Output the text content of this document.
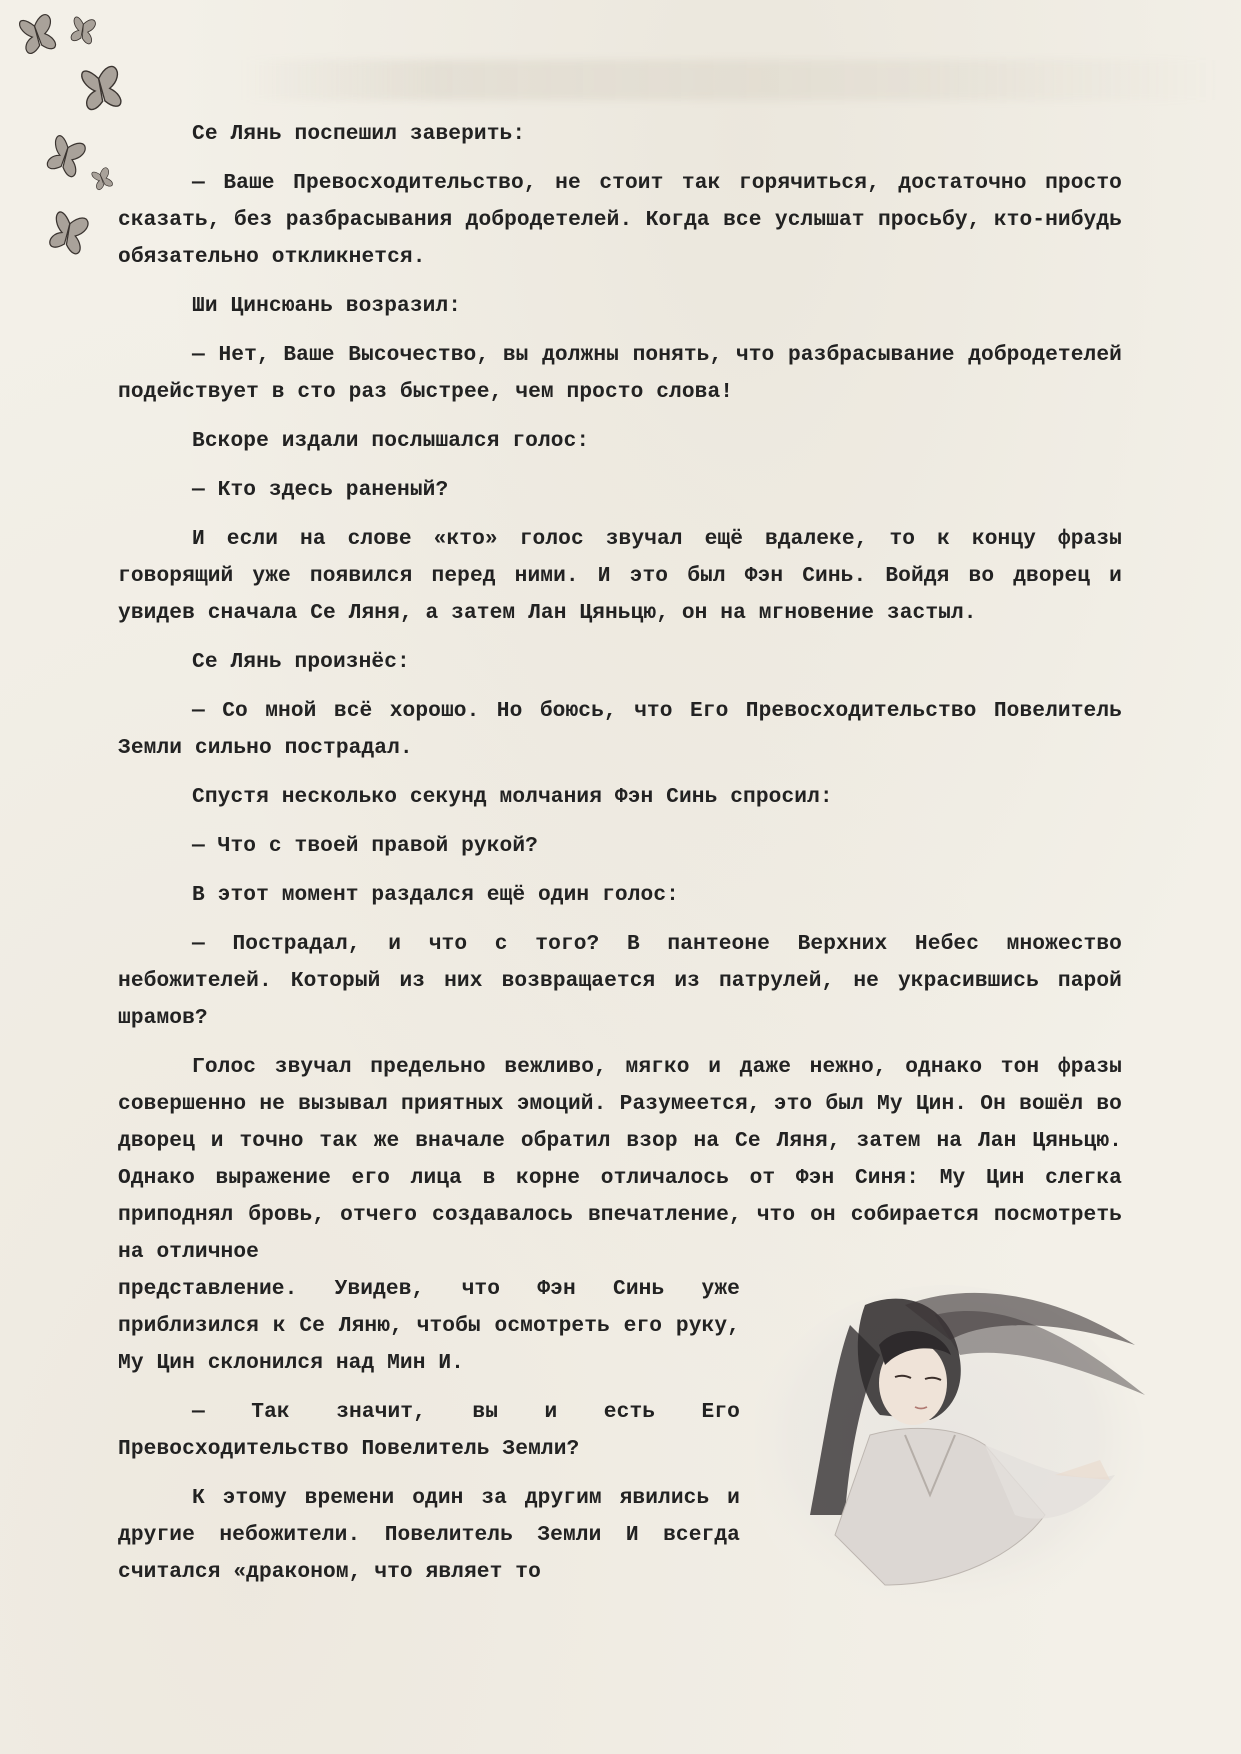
Се Лянь поспешил заверить:

— Ваше Превосходительство, не стоит так горячиться, достаточно просто сказать, без разбрасывания добродетелей. Когда все услышат просьбу, кто-нибудь обязательно откликнется.

Ши Цинсюань возразил:

— Нет, Ваше Высочество, вы должны понять, что разбрасывание добродетелей подействует в сто раз быстрее, чем просто слова!

Вскоре издали послышался голос:

— Кто здесь раненый?

И если на слове «кто» голос звучал ещё вдалеке, то к концу фразы говорящий уже появился перед ними. И это был Фэн Синь. Войдя во дворец и увидев сначала Се Ляня, а затем Лан Цяньцю, он на мгновение застыл.

Се Лянь произнёс:

— Со мной всё хорошо. Но боюсь, что Его Превосходительство Повелитель Земли сильно пострадал.

Спустя несколько секунд молчания Фэн Синь спросил:

— Что с твоей правой рукой?

В этот момент раздался ещё один голос:

— Пострадал, и что с того? В пантеоне Верхних Небес множество небожителей. Который из них возвращается из патрулей, не украсившись парой шрамов?

Голос звучал предельно вежливо, мягко и даже нежно, однако тон фразы совершенно не вызывал приятных эмоций. Разумеется, это был Му Цин. Он вошёл во дворец и точно так же вначале обратил взор на Се Ляня, затем на Лан Цяньцю. Однако выражение его лица в корне отличалось от Фэн Синя: Му Цин слегка приподнял бровь, отчего создавалось впечатление, что он собирается посмотреть на отличное

представление. Увидев, что Фэн Синь уже приблизился к Се Ляню, чтобы осмотреть его руку, Му Цин склонился над Мин И.

— Так значит, вы и есть Его Превосходительство Повелитель Земли?

К этому времени один за другим явились и другие небожители. Повелитель Земли И всегда считался «драконом, что являет то
